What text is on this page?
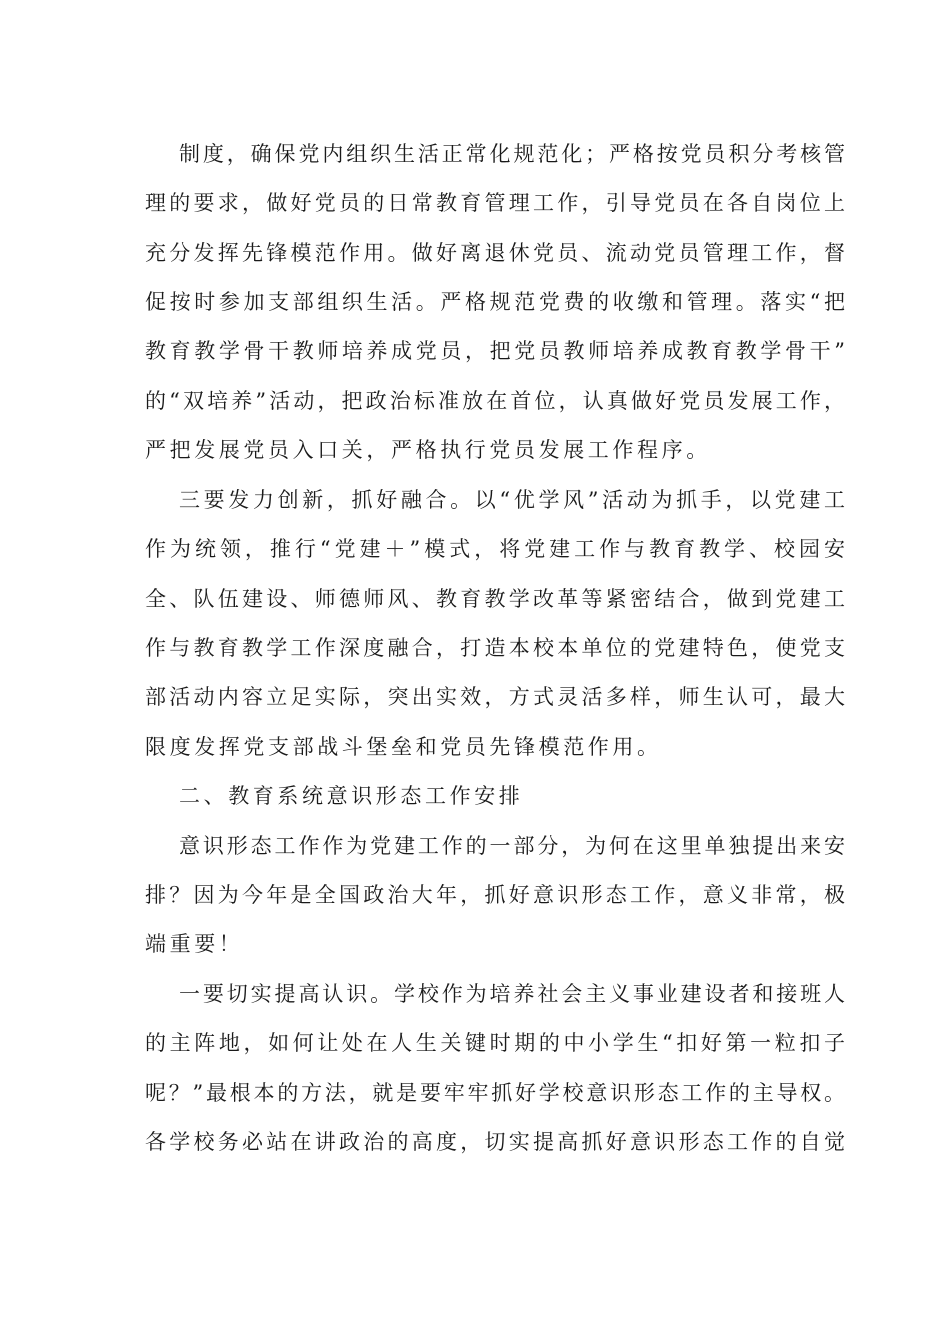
制度，确保党内组织生活正常化规范化；严格按党员积分考核管
理的要求，做好党员的日常教育管理工作，引导党员在各自岗位上
充分发挥先锋模范作用。做好离退休党员、流动党员管理工作，督
促按时参加支部组织生活。严格规范党费的收缴和管理。落实“把
教育教学骨干教师培养成党员，把党员教师培养成教育教学骨干”
的“双培养”活动，把政治标准放在首位，认真做好党员发展工作，
严把发展党员入口关，严格执行党员发展工作程序。
三要发力创新，抓好融合。以“优学风”活动为抓手，以党建工
作为统领，推行“党建＋”模式，将党建工作与教育教学、校园安
全、队伍建设、师德师风、教育教学改革等紧密结合，做到党建工
作与教育教学工作深度融合，打造本校本单位的党建特色，使党支
部活动内容立足实际，突出实效，方式灵活多样，师生认可，最大
限度发挥党支部战斗堡垒和党员先锋模范作用。
二、教育系统意识形态工作安排
意识形态工作作为党建工作的一部分，为何在这里单独提出来安
排？因为今年是全国政治大年，抓好意识形态工作，意义非常，极
端重要！
一要切实提高认识。学校作为培养社会主义事业建设者和接班人
的主阵地，如何让处在人生关键时期的中小学生“扣好第一粒扣子
呢？”最根本的方法，就是要牢牢抓好学校意识形态工作的主导权。
各学校务必站在讲政治的高度，切实提高抓好意识形态工作的自觉
